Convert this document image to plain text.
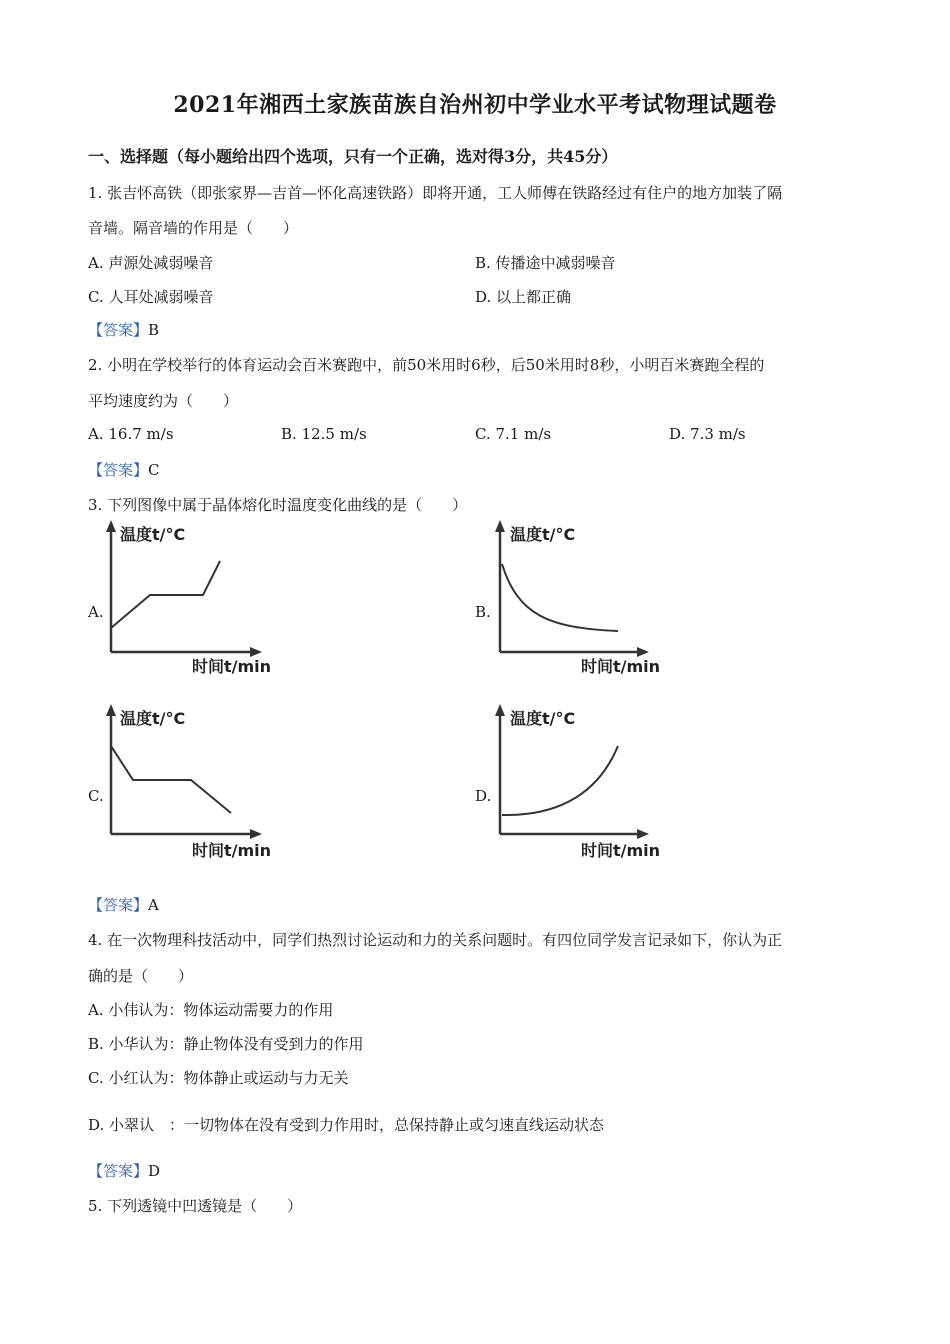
2021年湘西土家族苗族自治州初中学业水平考试物理试题卷
一、选择题（每小题给出四个选项，只有一个正确，选对得3分，共45分）
1. 张吉怀高铁（即张家界—吉首—怀化高速铁路）即将开通，工人师傅在铁路经过有住户的地方加装了隔
音墙。隔音墙的作用是（　　）
A. 声源处减弱噪音	B. 传播途中减弱噪音
C. 人耳处减弱噪音	D. 以上都正确
【答案】B
2. 小明在学校举行的体育运动会百米赛跑中，前50米用时6秒，后50米用时8秒，小明百米赛跑全程的
平均速度约为（　　）
A. 16.7 m/s	B. 12.5 m/s	C. 7.1 m/s	D. 7.3 m/s
【答案】C
3. 下列图像中属于晶体熔化时温度变化曲线的是（　　）
A.
温度t/°C
时间t/min
B.
温度t/°C
时间t/min
C.
温度t/°C
时间t/min
D.
温度t/°C
时间t/min
【答案】A
4. 在一次物理科技活动中，同学们热烈讨论运动和力的关系问题时。有四位同学发言记录如下，你认为正
确的是（　　）
A. 小伟认为：物体运动需要力的作用
B. 小华认为：静止物体没有受到力的作用
C. 小红认为：物体静止或运动与力无关
D. 小翠认　：一切物体在没有受到力作用时，总保持静止或匀速直线运动状态
【答案】D
5. 下列透镜中凹透镜是（　　）
